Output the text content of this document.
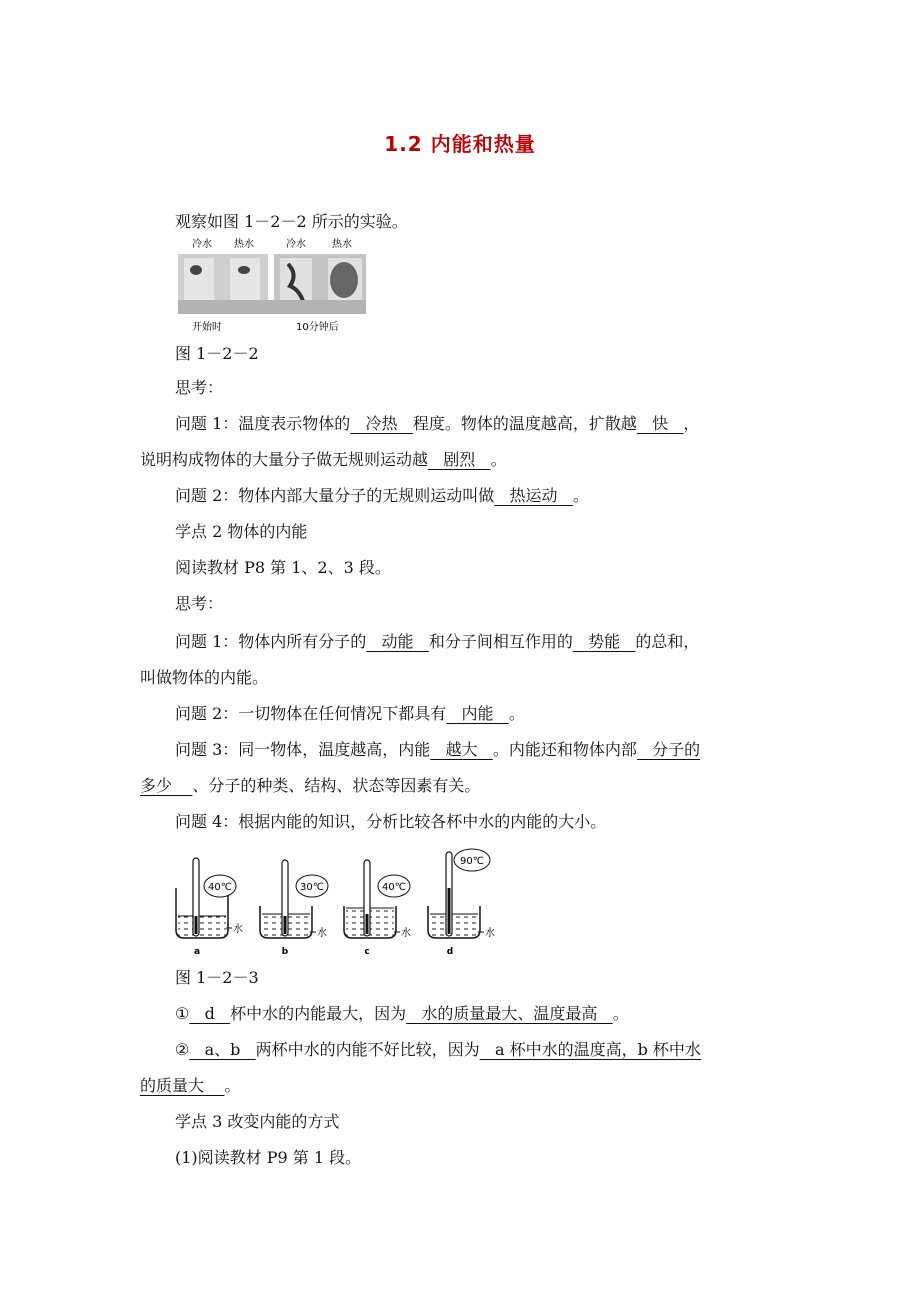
1.2 内能和热量
观察如图 1－2－2 所示的实验。
冷水 热水	冷水	热水
开始时	10分钟后
图 1－2－2
思考：
问题 1：温度表示物体的 冷热 程度。物体的温度越高，扩散越 快 ，
说明构成物体的大量分子做无规则运动越 剧烈 。
问题 2：物体内部大量分子的无规则运动叫做 热运动 。
学点 2 物体的内能
阅读教材 P8 第 1、2、3 段。
思考：
问题 1：物体内所有分子的 动能 和分子间相互作用的 势能 的总和，
叫做物体的内能。
问题 2：一切物体在任何情况下都具有 内能 。
问题 3：同一物体，温度越高，内能 越大 。内能还和物体内部 分子的
多少 、分子的种类、结构、状态等因素有关。
问题 4：根据内能的知识，分析比较各杯中水的内能的大小。
40℃
水
a
30℃
水
b
40℃
水
c
90℃
水
d
图 1－2－3
① d 杯中水的内能最大，因为 水的质量最大、温度最高 。
② a、b 两杯中水的内能不好比较，因为 a 杯中水的温度高，b 杯中水
的质量大 。
学点 3 改变内能的方式
(1)阅读教材 P9 第 1 段。
